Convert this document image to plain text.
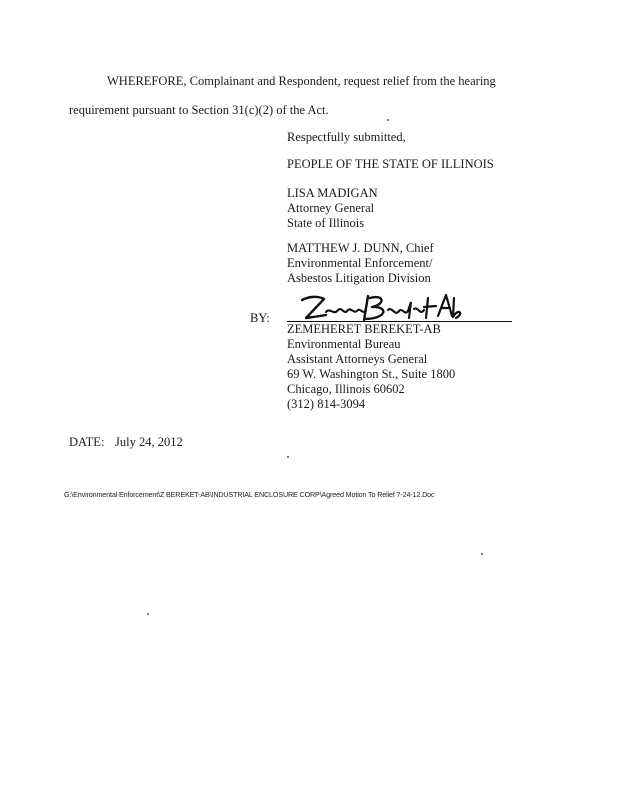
WHEREFORE, Complainant and Respondent, request relief from the hearing
requirement pursuant to Section 31(c)(2) of the Act.
Respectfully submitted,
PEOPLE OF THE STATE OF ILLINOIS
LISA MADIGAN
Attorney General
State of Illinois
MATTHEW J. DUNN, Chief
Environmental Enforcement/
Asbestos Litigation Division
BY:
ZEMEHERET BEREKET-AB
Environmental Bureau
Assistant Attorneys General
69 W. Washington St., Suite 1800
Chicago, Illinois 60602
(312) 814-3094
DATE: July 24, 2012
G:\Environmental Enforcement\Z BEREKET-AB\INDUSTRIAL ENCLOSURE CORP\Agreed Motion To Relief 7-24-12.Doc
